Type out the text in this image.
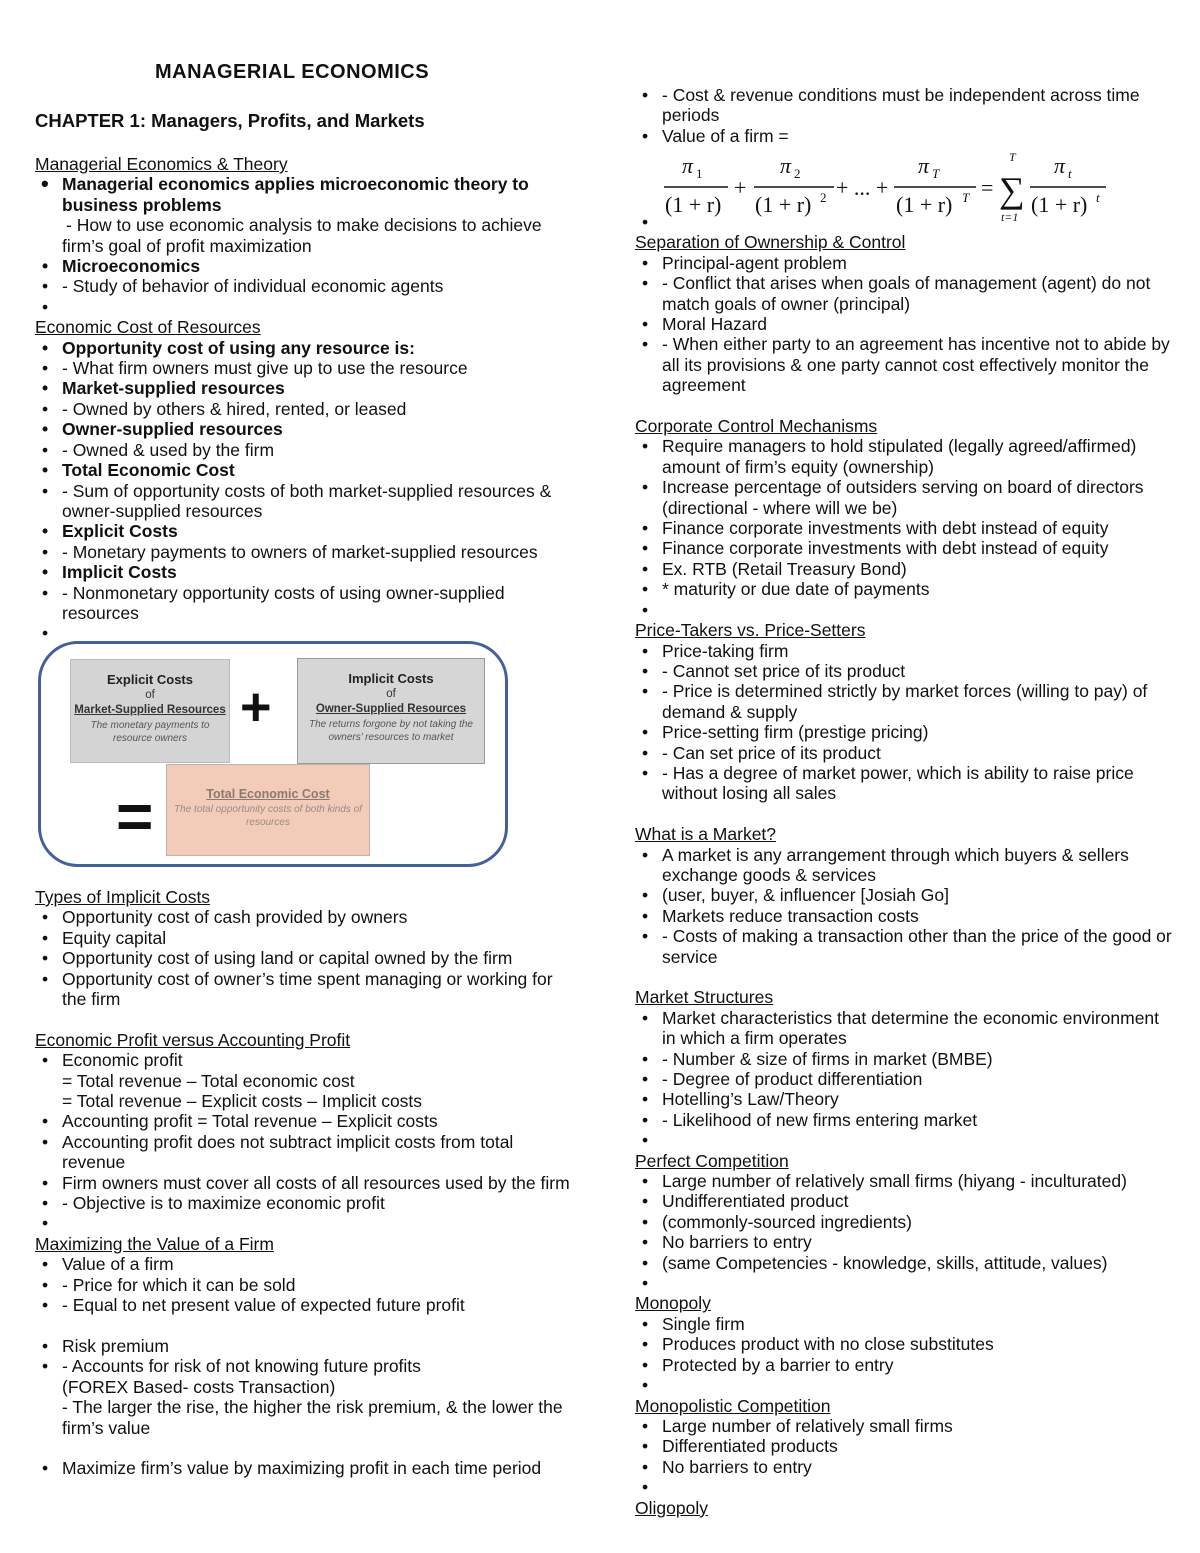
MANAGERIAL ECONOMICS
CHAPTER 1: Managers, Profits, and Markets

Managerial Economics & Theory

• Managerial economics applies microeconomic theory to business problems

- How to use economic analysis to make decisions to achieve firm’s goal of profit maximization

• Microeconomics

• - Study of behavior of individual economic agents

•

Economic Cost of Resources

• Opportunity cost of using any resource is:

• - What firm owners must give up to use the resource

• Market-supplied resources

• - Owned by others & hired, rented, or leased

• Owner-supplied resources

• - Owned & used by the firm

• Total Economic Cost

• - Sum of opportunity costs of both market-supplied resources & owner-supplied resources

• Explicit Costs

• - Monetary payments to owners of market-supplied resources

• Implicit Costs

• - Nonmonetary opportunity costs of using owner-supplied resources

•

Explicit Costs
of
Market-Supplied Resources
The monetary payments to resource owners
+	Implicit Costs
of
Owner-Supplied Resources
The returns forgone by not taking the owners’ resources to market
=	Total Economic Cost
The total opportunity costs of both kinds of resources

Types of Implicit Costs

• Opportunity cost of cash provided by owners

• Equity capital

• Opportunity cost of using land or capital owned by the firm

• Opportunity cost of owner’s time spent managing or working for the firm

Economic Profit versus Accounting Profit

• Economic profit

= Total revenue – Total economic cost

= Total revenue – Explicit costs – Implicit costs

• Accounting profit = Total revenue – Explicit costs

• Accounting profit does not subtract implicit costs from total revenue

• Firm owners must cover all costs of all resources used by the firm

• - Objective is to maximize economic profit

•

Maximizing the Value of a Firm

• Value of a firm

• - Price for which it can be sold

• - Equal to net present value of expected future profit

• Risk premium

• - Accounts for risk of not knowing future profits

(FOREX Based- costs Transaction)

- The larger the rise, the higher the risk premium, & the lower the firm’s value

• Maximize firm’s value by maximizing profit in each time period

• - Cost & revenue conditions must be independent across time periods

• Value of a firm =

π 1
(1 + r)
+
π 2
(1 + r) 2 + ... +
π T
(1 + r) T =
T
∑
t=1
π t
(1 + r) t

•

Separation of Ownership & Control

• Principal-agent problem

• - Conflict that arises when goals of management (agent) do not match goals of owner (principal)

• Moral Hazard

• - When either party to an agreement has incentive not to abide by all its provisions & one party cannot cost effectively monitor the agreement

Corporate Control Mechanisms

• Require managers to hold stipulated (legally agreed/affirmed) amount of firm’s equity (ownership)

• Increase percentage of outsiders serving on board of directors (directional - where will we be)

• Finance corporate investments with debt instead of equity

• Finance corporate investments with debt instead of equity

• Ex. RTB (Retail Treasury Bond)

• * maturity or due date of payments

•

Price-Takers vs. Price-Setters

• Price-taking firm

• - Cannot set price of its product

• - Price is determined strictly by market forces (willing to pay) of demand & supply

• Price-setting firm (prestige pricing)

• - Can set price of its product

• - Has a degree of market power, which is ability to raise price without losing all sales

What is a Market?

• A market is any arrangement through which buyers & sellers exchange goods & services

• (user, buyer, & influencer [Josiah Go]

• Markets reduce transaction costs

• - Costs of making a transaction other than the price of the good or service

Market Structures

• Market characteristics that determine the economic environment in which a firm operates

• - Number & size of firms in market (BMBE)

• - Degree of product differentiation

• Hotelling’s Law/Theory

• - Likelihood of new firms entering market

•

Perfect Competition

• Large number of relatively small firms (hiyang - inculturated)

• Undifferentiated product

• (commonly-sourced ingredients)

• No barriers to entry

• (same Competencies - knowledge, skills, attitude, values)

•

Monopoly

• Single firm

• Produces product with no close substitutes

• Protected by a barrier to entry

•

Monopolistic Competition

• Large number of relatively small firms

• Differentiated products

• No barriers to entry

•

Oligopoly
